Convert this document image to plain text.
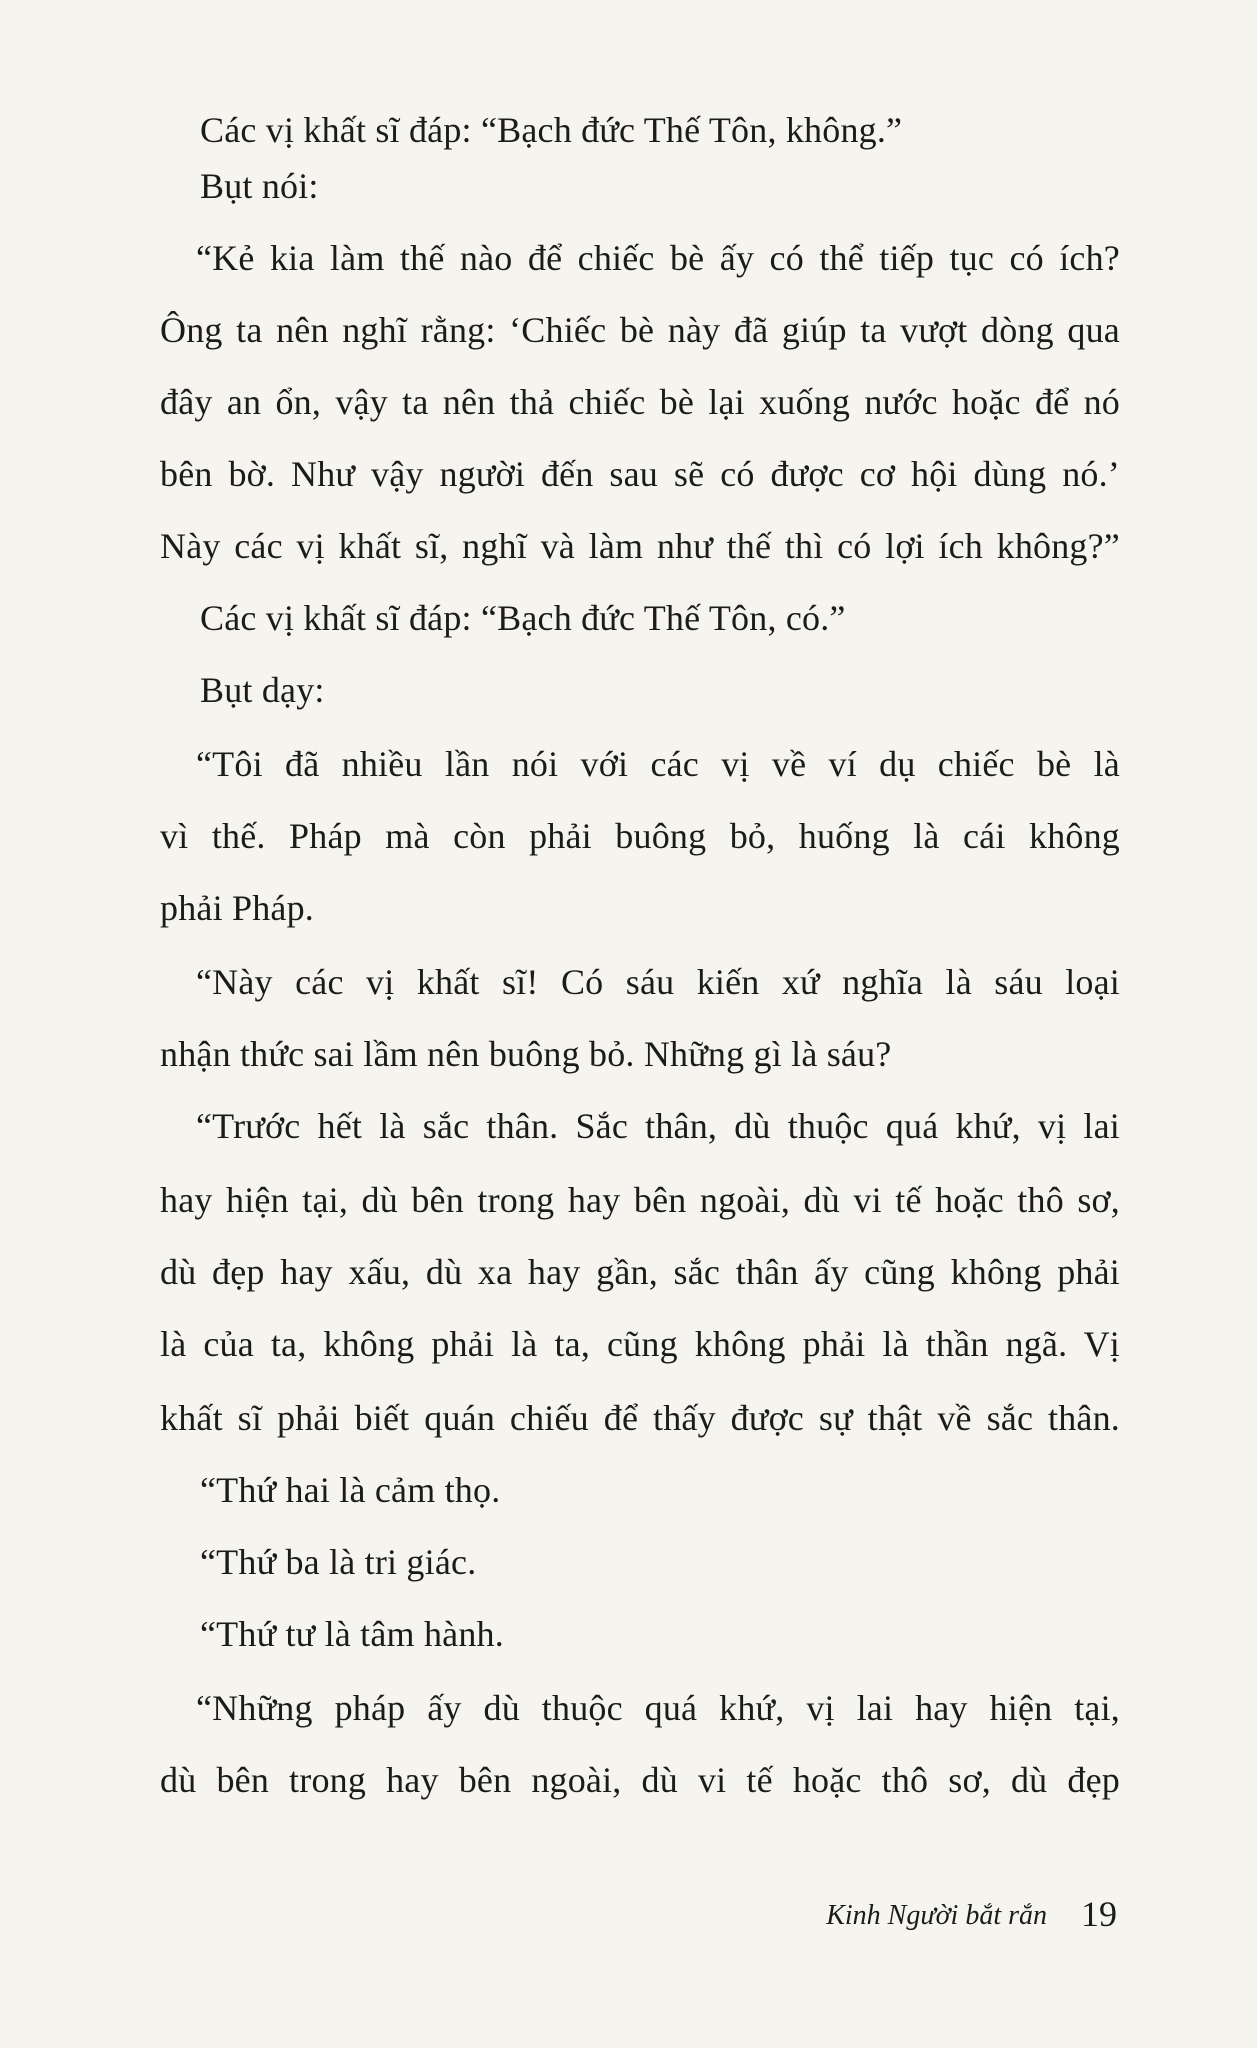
Các vị khất sĩ đáp: “Bạch đức Thế Tôn, không.”
Bụt nói:
“Kẻ kia làm thế nào để chiếc bè ấy có thể tiếp tục có ích?
Ông ta nên nghĩ rằng: ‘Chiếc bè này đã giúp ta vượt dòng qua
đây an ổn, vậy ta nên thả chiếc bè lại xuống nước hoặc để nó
bên bờ. Như vậy người đến sau sẽ có được cơ hội dùng nó.’
Này các vị khất sĩ, nghĩ và làm như thế thì có lợi ích không?”
Các vị khất sĩ đáp: “Bạch đức Thế Tôn, có.”
Bụt dạy:
“Tôi đã nhiều lần nói với các vị về ví dụ chiếc bè là
vì thế. Pháp mà còn phải buông bỏ, huống là cái không
phải Pháp.
“Này các vị khất sĩ! Có sáu kiến xứ nghĩa là sáu loại
nhận thức sai lầm nên buông bỏ. Những gì là sáu?
“Trước hết là sắc thân. Sắc thân, dù thuộc quá khứ, vị lai
hay hiện tại, dù bên trong hay bên ngoài, dù vi tế hoặc thô sơ,
dù đẹp hay xấu, dù xa hay gần, sắc thân ấy cũng không phải
là của ta, không phải là ta, cũng không phải là thần ngã. Vị
khất sĩ phải biết quán chiếu để thấy được sự thật về sắc thân.
“Thứ hai là cảm thọ.
“Thứ ba là tri giác.
“Thứ tư là tâm hành.
“Những pháp ấy dù thuộc quá khứ, vị lai hay hiện tại,
dù bên trong hay bên ngoài, dù vi tế hoặc thô sơ, dù đẹp
Kinh Người bắt rắn 19
